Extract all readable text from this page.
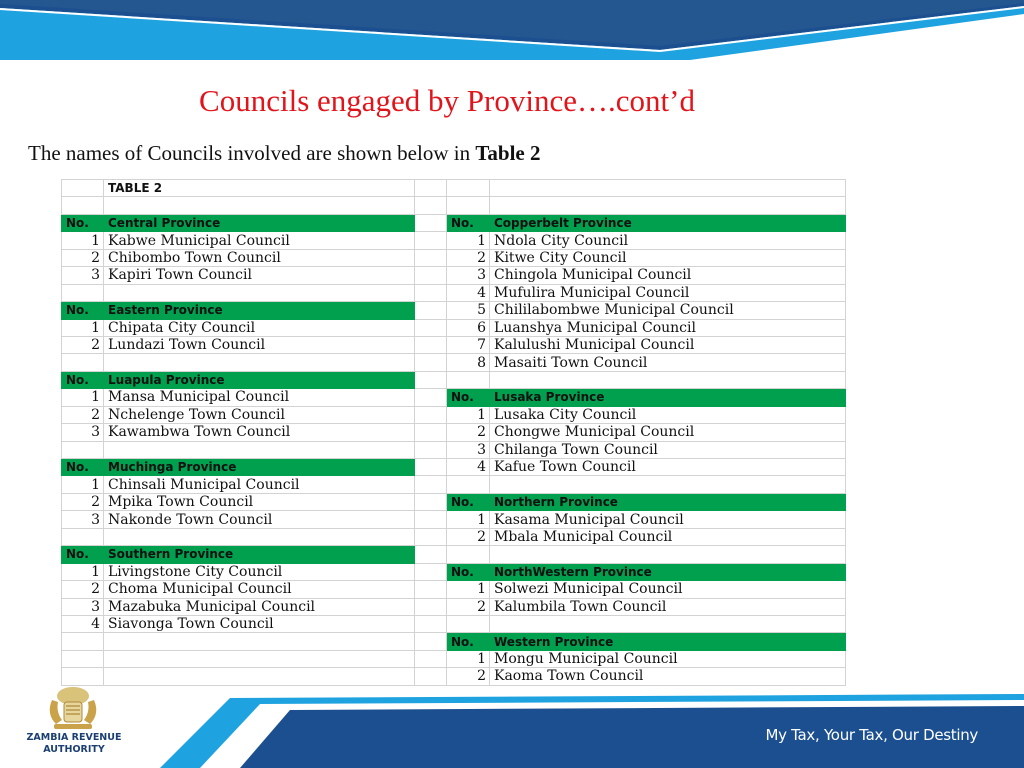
Councils engaged by Province….cont’d
The names of Councils involved are shown below in Table 2
	TABLE 2			

No.	Central Province		No.	Copperbelt Province
1	Kabwe Municipal Council		1	Ndola City Council
2	Chibombo Town Council		2	Kitwe City Council
3	Kapiri Town Council		3	Chingola Municipal Council
			4	Mufulira Municipal Council
No.	Eastern Province		5	Chililabombwe Municipal Council
1	Chipata City Council		6	Luanshya Municipal Council
2	Lundazi Town Council		7	Kalulushi Municipal Council
			8	Masaiti Town Council
No.	Luapula Province			
1	Mansa Municipal Council		No.	Lusaka Province
2	Nchelenge Town Council		1	Lusaka City Council
3	Kawambwa Town Council		2	Chongwe Municipal Council
			3	Chilanga Town Council
No.	Muchinga Province		4	Kafue Town Council
1	Chinsali Municipal Council			
2	Mpika Town Council		No.	Northern Province
3	Nakonde Town Council		1	Kasama Municipal Council
			2	Mbala Municipal Council
No.	Southern Province			
1	Livingstone City Council		No.	NorthWestern Province
2	Choma Municipal Council		1	Solwezi Municipal Council
3	Mazabuka Municipal Council		2	Kalumbila Town Council
4	Siavonga Town Council			
			No.	Western Province
			1	Mongu Municipal Council
			2	Kaoma Town Council
ZAMBIA REVENUE
AUTHORITY
My Tax, Your Tax, Our Destiny
